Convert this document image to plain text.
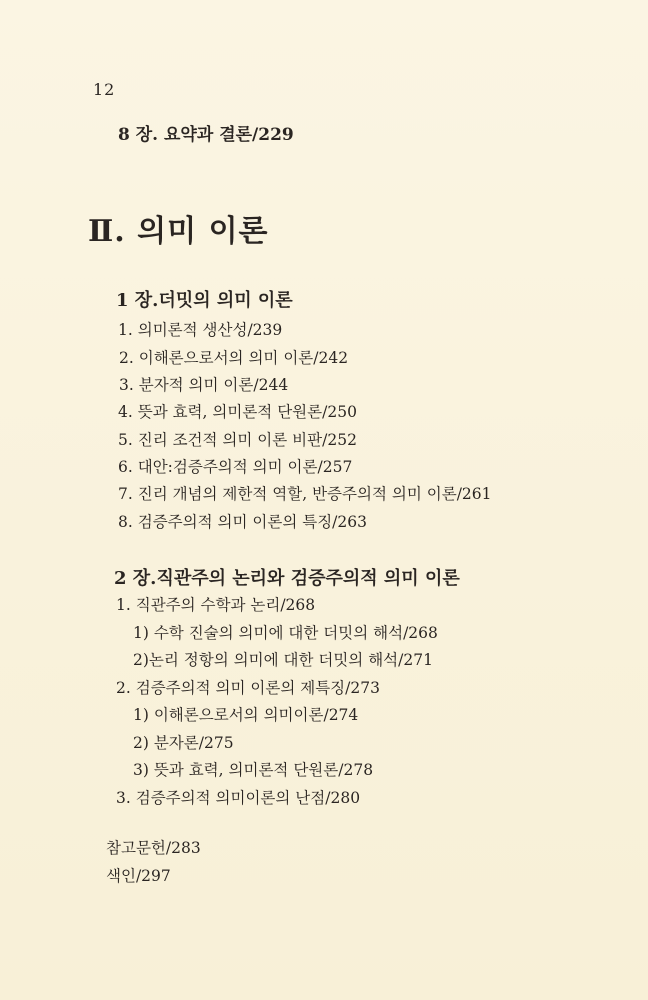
12
8 장. 요약과 결론/229
Ⅱ. 의미 이론
1 장.더밋의 의미 이론
1. 의미론적 생산성/239
2. 이해론으로서의 의미 이론/242
3. 분자적 의미 이론/244
4. 뜻과 효력, 의미론적 단원론/250
5. 진리 조건적 의미 이론 비판/252
6. 대안:검증주의적 의미 이론/257
7. 진리 개념의 제한적 역할, 반증주의적 의미 이론/261
8. 검증주의적 의미 이론의 특징/263
2 장.직관주의 논리와 검증주의적 의미 이론
1. 직관주의 수학과 논리/268
1) 수학 진술의 의미에 대한 더밋의 해석/268
2)논리 정항의 의미에 대한 더밋의 해석/271
2. 검증주의적 의미 이론의 제특징/273
1) 이해론으로서의 의미이론/274
2) 분자론/275
3) 뜻과 효력, 의미론적 단원론/278
3. 검증주의적 의미이론의 난점/280
참고문헌/283
색인/297
